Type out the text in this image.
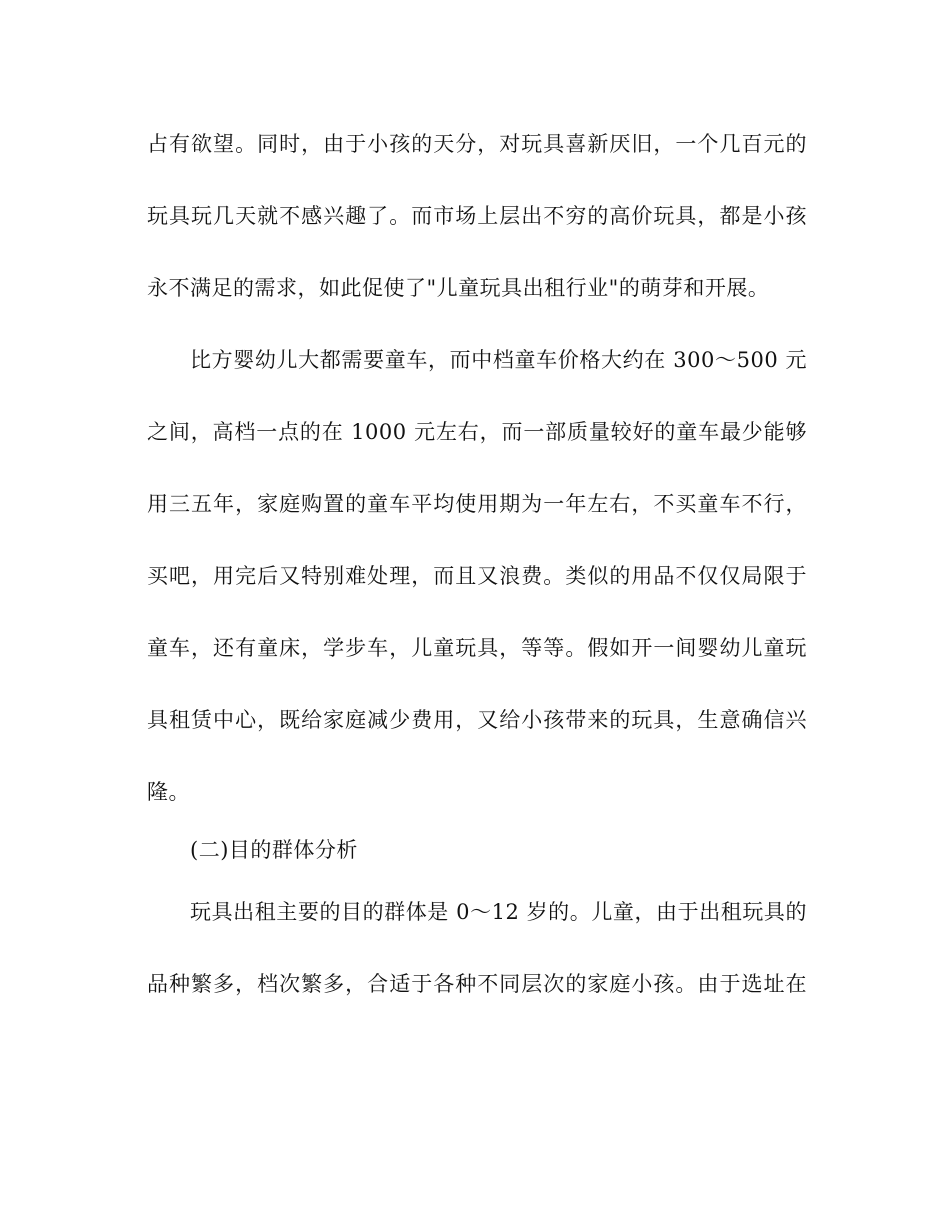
占有欲望。同时，由于小孩的天分，对玩具喜新厌旧，一个几百元的
玩具玩几天就不感兴趣了。而市场上层出不穷的高价玩具，都是小孩
永不满足的需求，如此促使了"儿童玩具出租行业"的萌芽和开展。
比方婴幼儿大都需要童车，而中档童车价格大约在 300～500 元
之间，高档一点的在 1000 元左右，而一部质量较好的童车最少能够
用三五年，家庭购置的童车平均使用期为一年左右，不买童车不行，
买吧，用完后又特别难处理，而且又浪费。类似的用品不仅仅局限于
童车，还有童床，学步车，儿童玩具，等等。假如开一间婴幼儿童玩
具租赁中心，既给家庭减少费用，又给小孩带来的玩具，生意确信兴
隆。
(二)目的群体分析
玩具出租主要的目的群体是 0～12 岁的。儿童，由于出租玩具的
品种繁多，档次繁多，合适于各种不同层次的家庭小孩。由于选址在
